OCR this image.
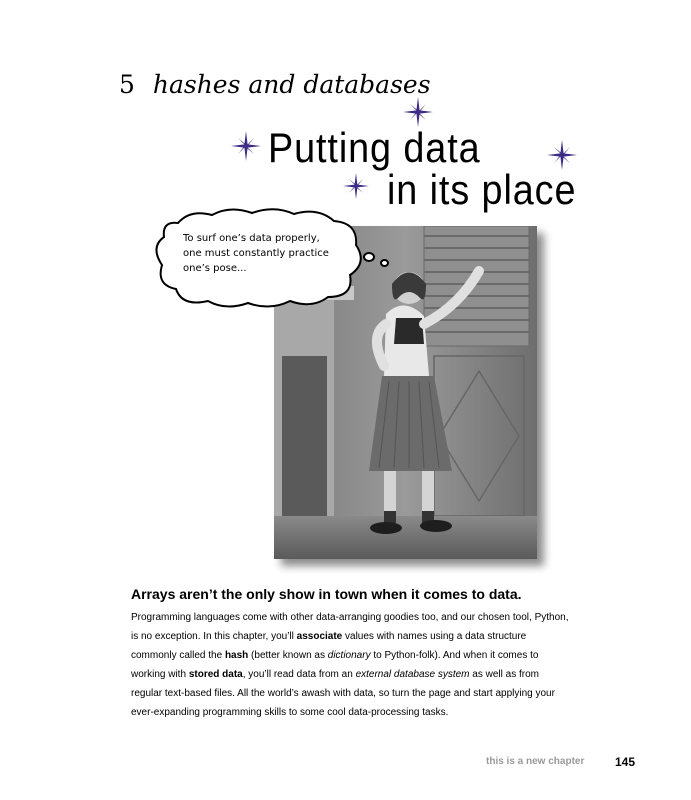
5 hashes and databases
Putting data
in its place
To surf one’s data properly,
one must constantly practice
one’s pose...

Arrays aren’t the only show in town when it comes to data.

Programming languages come with other data-arranging goodies too, and our chosen tool, Python, is no exception. In this chapter, you’ll associate values with names using a data structure commonly called the hash (better known as dictionary to Python-folk). And when it comes to working with stored data, you’ll read data from an external database system as well as from regular text-based files. All the world’s awash with data, so turn the page and start applying your ever-expanding programming skills to some cool data-processing tasks.

this is a new chapter	145
